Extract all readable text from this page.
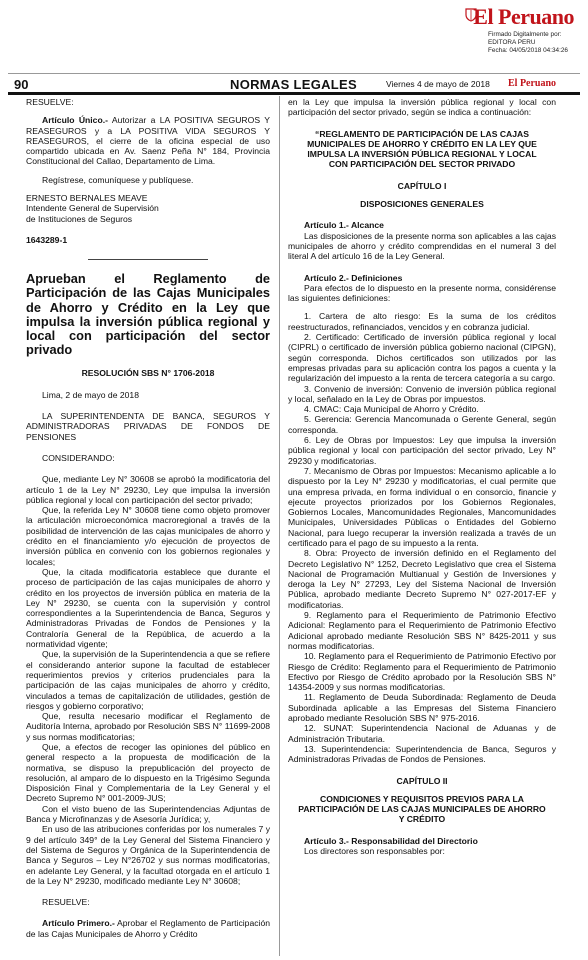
El Peruano
Firmado Digitalmente por:
EDITORA PERU
Fecha: 04/05/2018 04:34:26
90	NORMAS LEGALES	Viernes 4 de mayo de 2018 El Peruano

RESUELVE:

Artículo Único.- Autorizar a LA POSITIVA SEGUROS Y REASEGUROS y a LA POSITIVA VIDA SEGUROS Y REASEGUROS, el cierre de la oficina especial de uso compartido ubicada en Av. Saenz Peña N° 184, Provincia Constitucional del Callao, Departamento de Lima.

Regístrese, comuníquese y publíquese.

ERNESTO BERNALES MEAVE

Intendente General de Supervisión

de Instituciones de Seguros

1643289-1

Aprueban el Reglamento de Participación de las Cajas Municipales de Ahorro y Crédito en la Ley que impulsa la inversión pública regional y local con participación del sector privado

RESOLUCIÓN SBS N° 1706-2018

Lima, 2 de mayo de 2018

LA SUPERINTENDENTA DE BANCA, SEGUROS Y ADMINISTRADORAS PRIVADAS DE FONDOS DE PENSIONES

CONSIDERANDO:

Que, mediante Ley N° 30608 se aprobó la modificatoria del artículo 1 de la Ley N° 29230, Ley que impulsa la inversión pública regional y local con participación del sector privado;

Que, la referida Ley N° 30608 tiene como objeto promover la articulación microeconómica macroregional a través de la posibilidad de intervención de las cajas municipales de ahorro y crédito en el financiamiento y/o ejecución de proyectos de inversión pública en convenio con los gobiernos regionales y locales;

Que, la citada modificatoria establece que durante el proceso de participación de las cajas municipales de ahorro y crédito en los proyectos de inversión pública en materia de la Ley N° 29230, se cuenta con la supervisión y control correspondientes a la Superintendencia de Banca, Seguros y Administradoras Privadas de Fondos de Pensiones y la Contraloría General de la República, de acuerdo a la normatividad vigente;

Que, la supervisión de la Superintendencia a que se refiere el considerando anterior supone la facultad de establecer requerimientos previos y criterios prudenciales para la participación de las cajas municipales de ahorro y crédito, vinculados a temas de capitalización de utilidades, gestión de riesgos y gobierno corporativo;

Que, resulta necesario modificar el Reglamento de Auditoría Interna, aprobado por Resolución SBS N° 11699-2008 y sus normas modificatorias;

Que, a efectos de recoger las opiniones del público en general respecto a la propuesta de modificación de la normativa, se dispuso la prepublicación del proyecto de resolución, al amparo de lo dispuesto en la Trigésimo Segunda Disposición Final y Complementaria de la Ley General y el Decreto Supremo N° 001-2009-JUS;

Con el visto bueno de las Superintendencias Adjuntas de Banca y Microfinanzas y de Asesoría Jurídica; y,

En uso de las atribuciones conferidas por los numerales 7 y 9 del artículo 349° de la Ley General del Sistema Financiero y del Sistema de Seguros y Orgánica de la Superintendencia de Banca y Seguros – Ley N°26702 y sus normas modificatorias, en adelante Ley General, y la facultad otorgada en el artículo 1 de la Ley N° 29230, modificado mediante Ley N° 30608;

RESUELVE:

Artículo Primero.- Aprobar el Reglamento de Participación de las Cajas Municipales de Ahorro y Crédito

en la Ley que impulsa la inversión pública regional y local con participación del sector privado, según se indica a continuación:

“REGLAMENTO DE PARTICIPACIÓN DE LAS CAJAS MUNICIPALES DE AHORRO Y CRÉDITO EN LA LEY QUE IMPULSA LA INVERSIÓN PÚBLICA REGIONAL Y LOCAL CON PARTICIPACIÓN DEL SECTOR PRIVADO

CAPÍTULO I

DISPOSICIONES GENERALES

Artículo 1.- Alcance

Las disposiciones de la presente norma son aplicables a las cajas municipales de ahorro y crédito comprendidas en el numeral 3 del literal A del artículo 16 de la Ley General.

Artículo 2.- Definiciones

Para efectos de lo dispuesto en la presente norma, considérense las siguientes definiciones:

1. Cartera de alto riesgo: Es la suma de los créditos reestructurados, refinanciados, vencidos y en cobranza judicial.

2. Certificado: Certificado de inversión pública regional y local (CIPRL) o certificado de inversión pública gobierno nacional (CIPGN), según corresponda. Dichos certificados son utilizados por las empresas privadas para su aplicación contra los pagos a cuenta y la regularización del impuesto a la renta de tercera categoría a su cargo.

3. Convenio de inversión: Convenio de inversión pública regional y local, señalado en la Ley de Obras por impuestos.

4. CMAC: Caja Municipal de Ahorro y Crédito.

5. Gerencia: Gerencia Mancomunada o Gerente General, según corresponda.

6. Ley de Obras por Impuestos: Ley que impulsa la inversión pública regional y local con participación del sector privado, Ley N° 29230 y modificatorias.

7. Mecanismo de Obras por Impuestos: Mecanismo aplicable a lo dispuesto por la Ley N° 29230 y modificatorias, el cual permite que una empresa privada, en forma individual o en consorcio, financie y ejecute proyectos priorizados por los Gobiernos Regionales, Gobiernos Locales, Mancomunidades Regionales, Mancomunidades Municipales, Universidades Públicas o Entidades del Gobierno Nacional, para luego recuperar la inversión realizada a través de un certificado para el pago de su impuesto a la renta.

8. Obra: Proyecto de inversión definido en el Reglamento del Decreto Legislativo N° 1252, Decreto Legislativo que crea el Sistema Nacional de Programación Multianual y Gestión de Inversiones y deroga la Ley N° 27293, Ley del Sistema Nacional de Inversión Pública, aprobado mediante Decreto Supremo N° 027-2017-EF y modificatorias.

9. Reglamento para el Requerimiento de Patrimonio Efectivo Adicional: Reglamento para el Requerimiento de Patrimonio Efectivo Adicional aprobado mediante Resolución SBS N° 8425-2011 y sus normas modificatorias.

10. Reglamento para el Requerimiento de Patrimonio Efectivo por Riesgo de Crédito: Reglamento para el Requerimiento de Patrimonio Efectivo por Riesgo de Crédito aprobado por la Resolución SBS N° 14354-2009 y sus normas modificatorias.

11. Reglamento de Deuda Subordinada: Reglamento de Deuda Subordinada aplicable a las Empresas del Sistema Financiero aprobado mediante Resolución SBS N° 975-2016.

12. SUNAT: Superintendencia Nacional de Aduanas y de Administración Tributaria.

13. Superintendencia: Superintendencia de Banca, Seguros y Administradoras Privadas de Fondos de Pensiones.

CAPÍTULO II

CONDICIONES Y REQUISITOS PREVIOS PARA LA PARTICIPACIÓN DE LAS CAJAS MUNICIPALES DE AHORRO Y CRÉDITO

Artículo 3.- Responsabilidad del Directorio

Los directores son responsables por:
